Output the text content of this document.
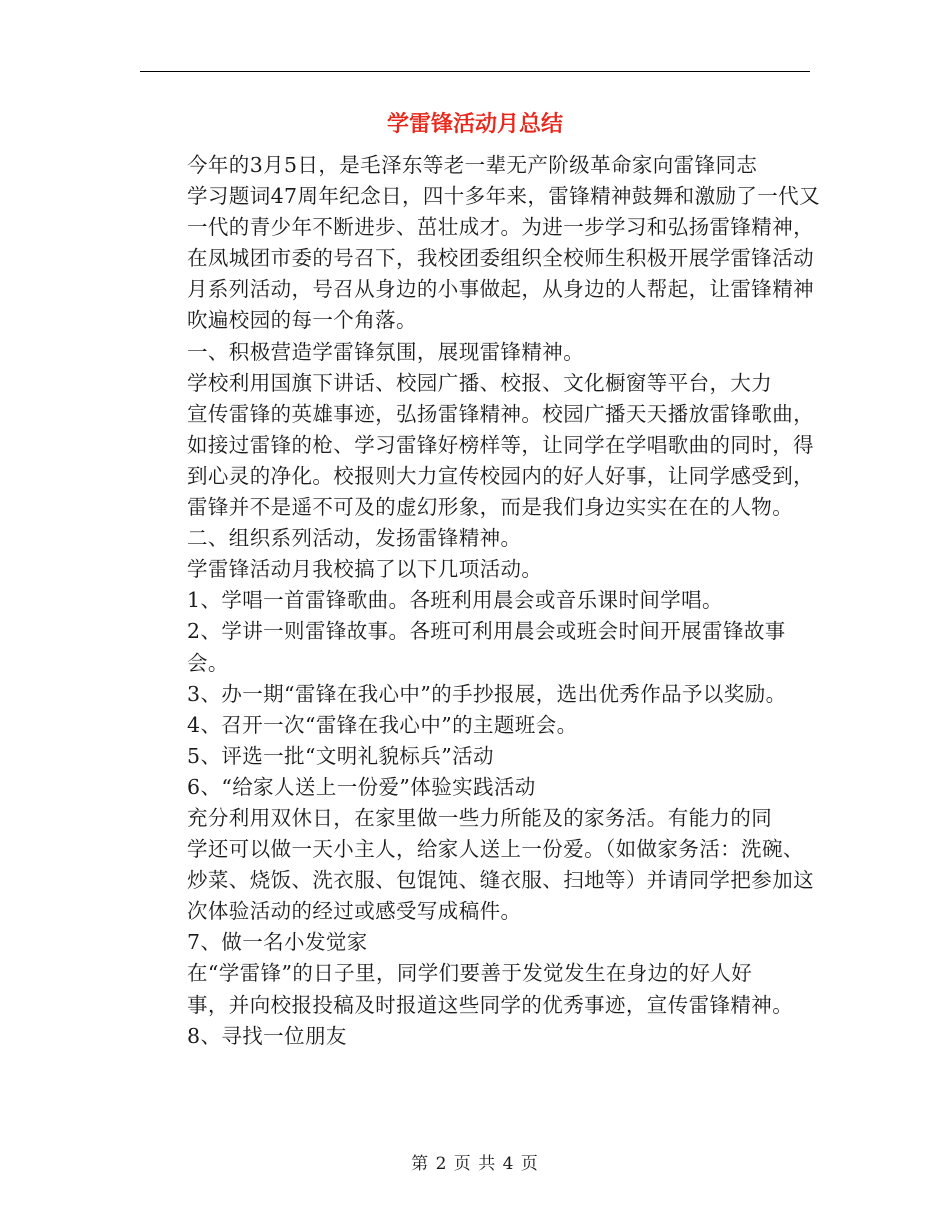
学雷锋活动月总结

今年的3月5日，是毛泽东等老一辈无产阶级革命家向雷锋同志
学习题词47周年纪念日，四十多年来，雷锋精神鼓舞和激励了一代又
一代的青少年不断进步、茁壮成才。为进一步学习和弘扬雷锋精神，
在凤城团市委的号召下，我校团委组织全校师生积极开展学雷锋活动
月系列活动，号召从身边的小事做起，从身边的人帮起，让雷锋精神
吹遍校园的每一个角落。

一、积极营造学雷锋氛围，展现雷锋精神。

学校利用国旗下讲话、校园广播、校报、文化橱窗等平台，大力
宣传雷锋的英雄事迹，弘扬雷锋精神。校园广播天天播放雷锋歌曲，
如接过雷锋的枪、学习雷锋好榜样等，让同学在学唱歌曲的同时，得
到心灵的净化。校报则大力宣传校园内的好人好事，让同学感受到，
雷锋并不是遥不可及的虚幻形象，而是我们身边实实在在的人物。

二、组织系列活动，发扬雷锋精神。

学雷锋活动月我校搞了以下几项活动。

1、学唱一首雷锋歌曲。各班利用晨会或音乐课时间学唱。

2、学讲一则雷锋故事。各班可利用晨会或班会时间开展雷锋故事
会。

3、办一期“雷锋在我心中”的手抄报展，选出优秀作品予以奖励。

4、召开一次“雷锋在我心中”的主题班会。

5、评选一批“文明礼貌标兵”活动

6、“给家人送上一份爱”体验实践活动

充分利用双休日，在家里做一些力所能及的家务活。有能力的同
学还可以做一天小主人，给家人送上一份爱。（如做家务活：洗碗、
炒菜、烧饭、洗衣服、包馄饨、缝衣服、扫地等）并请同学把参加这
次体验活动的经过或感受写成稿件。

7、做一名小发觉家

在“学雷锋”的日子里，同学们要善于发觉发生在身边的好人好
事，并向校报投稿及时报道这些同学的优秀事迹，宣传雷锋精神。

8、寻找一位朋友

第 2 页 共 4 页
